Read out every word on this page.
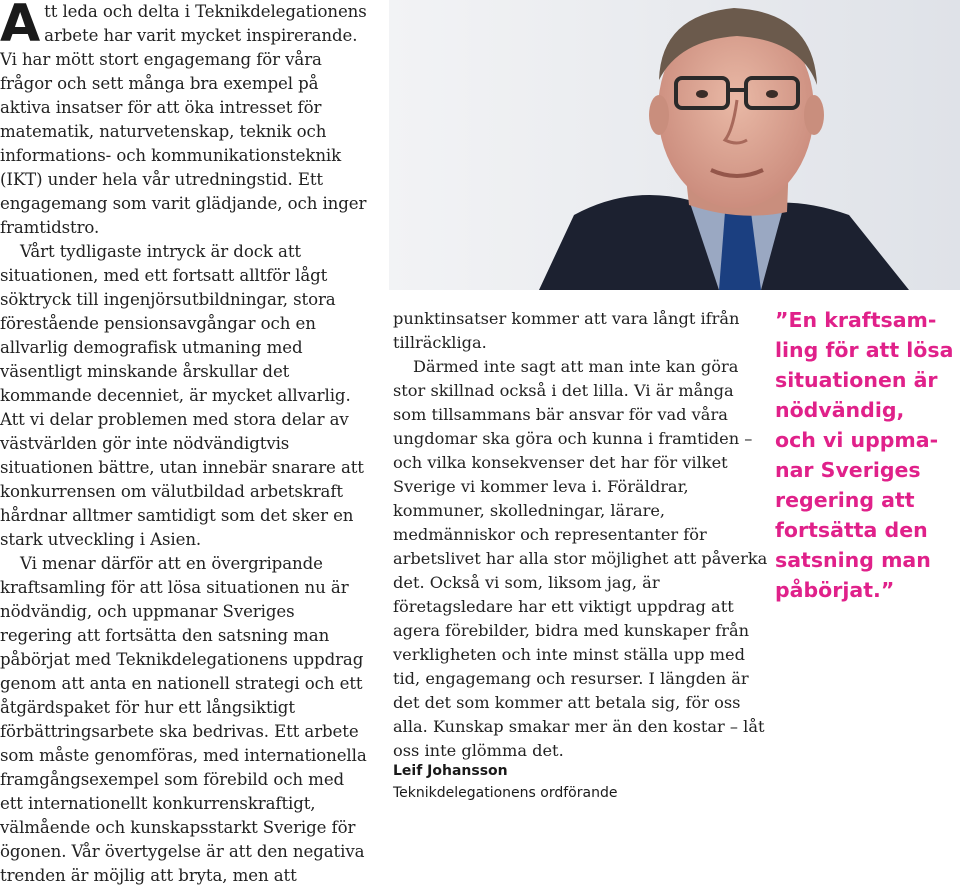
Att leda och delta i Teknikdelegationens arbete har varit mycket inspirerande. Vi har mött stort engagemang för våra frågor och sett många bra exempel på aktiva insatser för att öka intresset för matematik, naturvetenskap, teknik och informations- och kommunikationsteknik (IKT) under hela vår utredningstid. Ett engagemang som varit glädjande, och inger framtidstro.

Vårt tydligaste intryck är dock att situationen, med ett fortsatt alltför lågt söktryck till ingenjörsutbildningar, stora förestående pensionsavgångar och en allvarlig demografisk utmaning med väsentligt minskande årskullar det kommande decenniet, är mycket allvarlig. Att vi delar problemen med stora delar av västvärlden gör inte nödvändigtvis situationen bättre, utan innebär snarare att konkurrensen om välutbildad arbetskraft hårdnar alltmer samtidigt som det sker en stark utveckling i Asien.

Vi menar därför att en övergripande kraftsamling för att lösa situationen nu är nödvändig, och uppmanar Sveriges regering att fortsätta den satsning man påbörjat med Teknikdelegationens uppdrag genom att anta en nationell strategi och ett åtgärdspaket för hur ett långsiktigt förbättringsarbete ska bedrivas. Ett arbete som måste genomföras, med internationella framgångsexempel som förebild och med ett internationellt konkurrenskraftigt, välmående och kunskapsstarkt Sverige för ögonen. Vår övertygelse är att den negativa trenden är möjlig att bryta, men att

punktinsatser kommer att vara långt ifrån tillräckliga.

Därmed inte sagt att man inte kan göra stor skillnad också i det lilla. Vi är många som tillsammans bär ansvar för vad våra ungdomar ska göra och kunna i framtiden – och vilka konsekvenser det har för vilket Sverige vi kommer leva i. Föräldrar, kommuner, skolledningar, lärare, medmänniskor och representanter för arbetslivet har alla stor möjlighet att påverka det. Också vi som, liksom jag, är företagsledare har ett viktigt uppdrag att agera förebilder, bidra med kunskaper från verkligheten och inte minst ställa upp med tid, engagemang och resurser. I längden är det det som kommer att betala sig, för oss alla. Kunskap smakar mer än den kostar – låt oss inte glömma det.

Leif Johansson
Teknikdelegationens ordförande
”En kraftsam-
ling för att lösa
situationen är
nödvändig,
och vi uppma-
nar Sveriges
regering att
fortsätta den
satsning man
påbörjat.”
